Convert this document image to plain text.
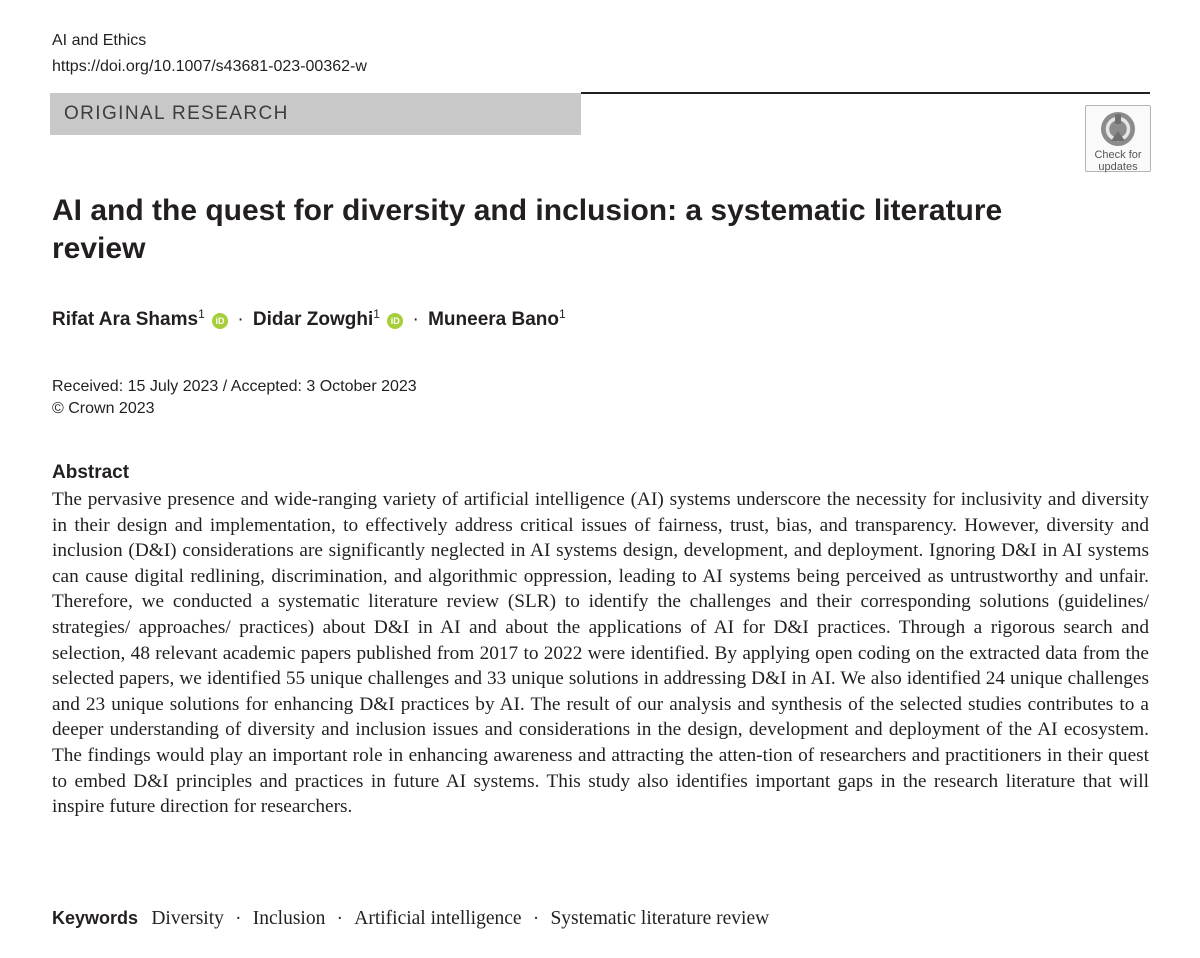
AI and Ethics
https://doi.org/10.1007/s43681-023-00362-w
ORIGINAL RESEARCH
Check for
updates
AI and the quest for diversity and inclusion: a systematic literature review
Rifat Ara Shams$^1$ iD · Didar Zowghi$^1$ iD · Muneera Bano$^1$
Received: 15 July 2023 / Accepted: 3 October 2023
© Crown 2023
Abstract

The pervasive presence and wide-ranging variety of artificial intelligence (AI) systems underscore the necessity for inclusivity and diversity in their design and implementation, to effectively address critical issues of fairness, trust, bias, and transparency. However, diversity and inclusion (D&I) considerations are significantly neglected in AI systems design, development, and deployment. Ignoring D&I in AI systems can cause digital redlining, discrimination, and algorithmic oppression, leading to AI systems being perceived as untrustworthy and unfair. Therefore, we conducted a systematic literature review (SLR) to identify the challenges and their corresponding solutions (guidelines/ strategies/ approaches/ practices) about D&I in AI and about the applications of AI for D&I practices. Through a rigorous search and selection, 48 relevant academic papers published from 2017 to 2022 were identified. By applying open coding on the extracted data from the selected papers, we identified 55 unique challenges and 33 unique solutions in addressing D&I in AI. We also identified 24 unique challenges and 23 unique solutions for enhancing D&I practices by AI. The result of our analysis and synthesis of the selected studies contributes to a deeper understanding of diversity and inclusion issues and considerations in the design, development and deployment of the AI ecosystem. The findings would play an important role in enhancing awareness and attracting the atten-tion of researchers and practitioners in their quest to embed D&I principles and practices in future AI systems. This study also identifies important gaps in the research literature that will inspire future direction for researchers.

Keywords Diversity · Inclusion · Artificial intelligence · Systematic literature review
